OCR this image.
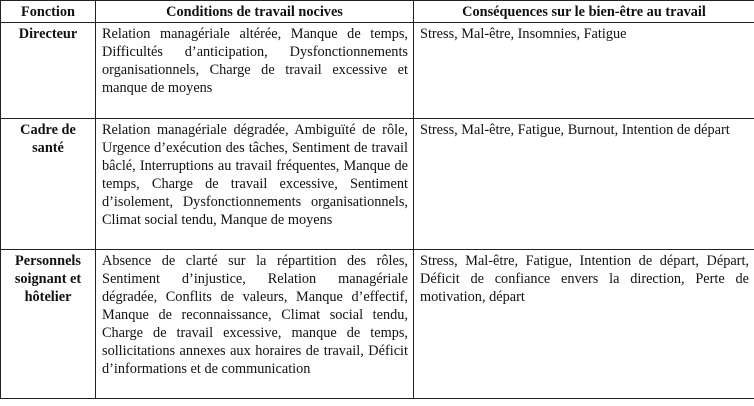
Fonction	Conditions de travail nocives	Conséquences sur le bien-être au travail
Directeur	Relation managériale altérée, Manque de temps, Difficultés d’anticipation, Dysfonctionnements organisationnels, Charge de travail excessive et manque de moyens	Stress, Mal-être, Insomnies, Fatigue
Cadre de santé	Relation managériale dégradée, Ambiguïté de rôle, Urgence d’exécution des tâches, Sentiment de travail bâclé, Interruptions au travail fréquentes, Manque de temps, Charge de travail excessive, Sentiment d’isolement, Dysfonctionnements organisationnels, Climat social tendu, Manque de moyens	Stress, Mal-être, Fatigue, Burnout, Intention de départ
Personnels soignant et hôtelier	Absence de clarté sur la répartition des rôles, Sentiment d’injustice, Relation managériale dégradée, Conflits de valeurs, Manque d’effectif, Manque de reconnaissance, Climat social tendu, Charge de travail excessive, manque de temps, sollicitations annexes aux horaires de travail, Déficit d’informations et de communication	Stress, Mal-être, Fatigue, Intention de départ, Départ, Déficit de confiance envers la direction, Perte de motivation, départ
